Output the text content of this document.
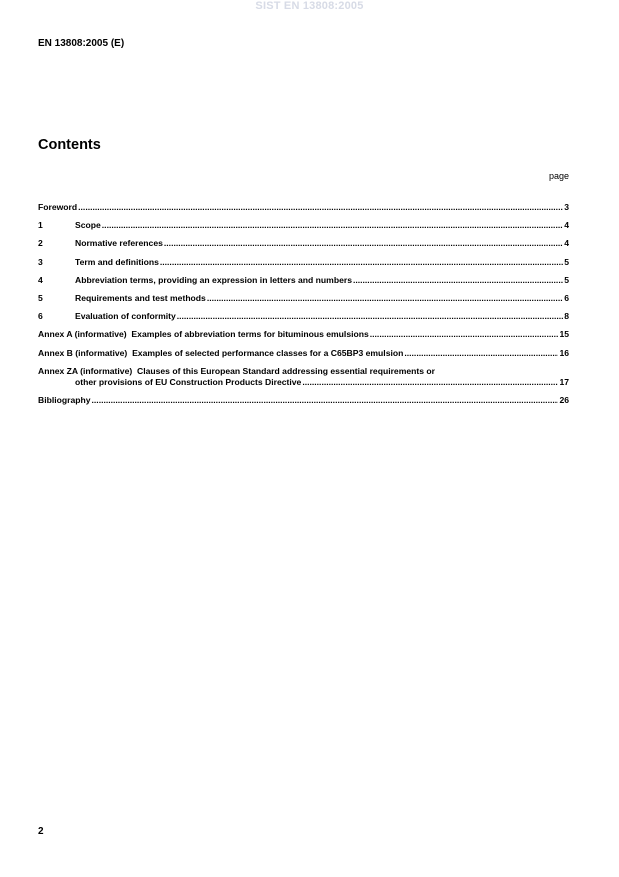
SIST EN 13808:2005
EN 13808:2005 (E)
Contents
page
Foreword .....	3
1	Scope .....	4
2	Normative references .....	4
3	Term and definitions .....	5
4	Abbreviation terms, providing an expression in letters and numbers .....	5
5	Requirements and test methods .....	6
6	Evaluation of conformity .....	8
Annex A (informative)  Examples of abbreviation terms for bituminous emulsions .....	15
Annex B (informative)  Examples of selected performance classes for a C65BP3 emulsion .....	16
Annex ZA (informative)  Clauses of this European Standard addressing essential requirements or
other provisions of EU Construction Products Directive .....	17
Bibliography .....	26
2
